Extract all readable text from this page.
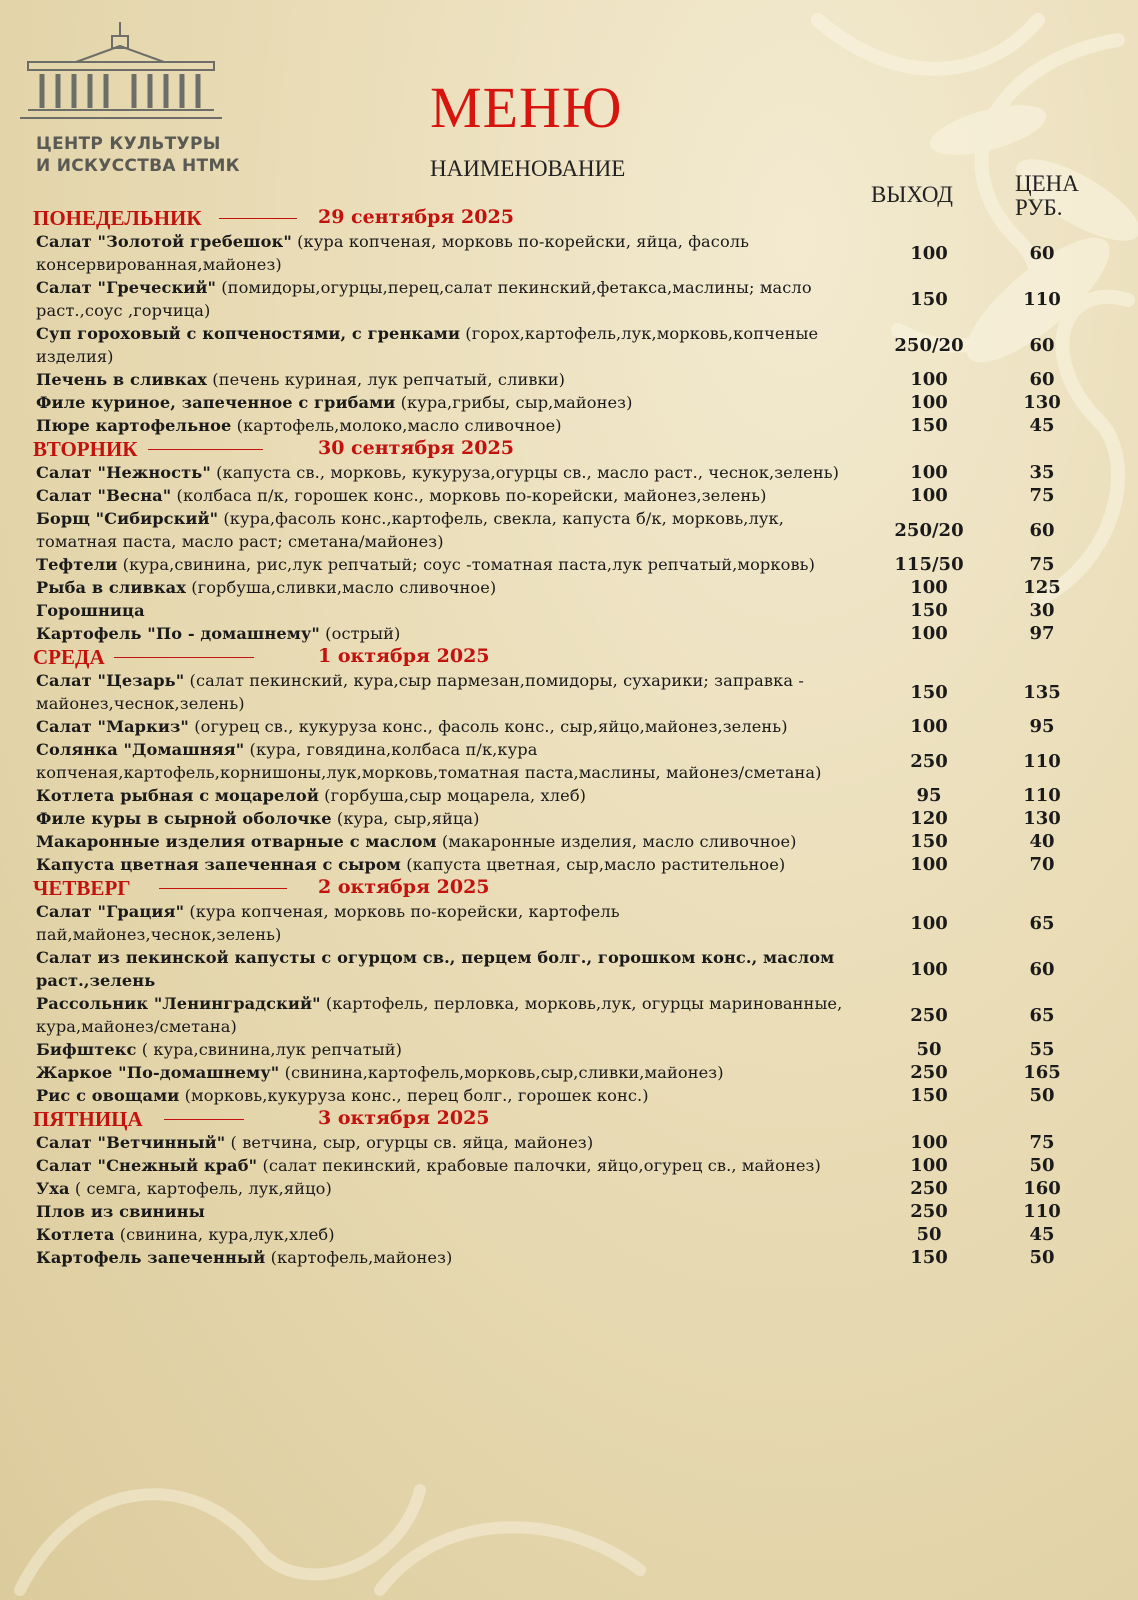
ЦЕНТР КУЛЬТУРЫ
И ИСКУССТВА НТМК
МЕНЮ
НАИМЕНОВАНИЕ
ВЫХОД	ЦЕНА
РУБ.
ПОНЕДЕЛЬНИК	29 сентября 2025
Салат "Золотой гребешок" (кура копченая, морковь по-корейски, яйца, фасоль консервированная,майонез)
100	60
Салат "Греческий" (помидоры,огурцы,перец,салат пекинский,фетакса,маслины; масло раст.,соус ,горчица)
150	110
Суп гороховый с копченостями, с гренками (горох,картофель,лук,морковь,копченые изделия)
250/20	60
Печень в сливках (печень куриная, лук репчатый, сливки)	100	60
Филе куриное, запеченное с грибами (кура,грибы, сыр,майонез)	100	130
Пюре картофельное (картофель,молоко,масло сливочное)	150	45
ВТОРНИК	30 сентября 2025
Салат "Нежность" (капуста св., морковь, кукуруза,огурцы св., масло раст., чеснок,зелень)	100	35
Салат "Весна" (колбаса п/к, горошек конс., морковь по-корейски, майонез,зелень)	100	75
Борщ "Сибирский" (кура,фасоль конс.,картофель, свекла, капуста б/к, морковь,лук, томатная паста, масло раст; сметана/майонез)
250/20	60
Тефтели (кура,свинина, рис,лук репчатый; соус -томатная паста,лук репчатый,морковь)	115/50	75
Рыба в сливках (горбуша,сливки,масло сливочное)	100	125
Горошница	150	30
Картофель "По - домашнему" (острый)	100	97
СРЕДА	1 октября 2025
Салат "Цезарь" (салат пекинский, кура,сыр пармезан,помидоры, сухарики; заправка - майонез,чеснок,зелень)
150	135
Салат "Маркиз" (огурец св., кукуруза конс., фасоль конс., сыр,яйцо,майонез,зелень)	100	95
Солянка "Домашняя" (кура, говядина,колбаса п/к,кура копченая,картофель,корнишоны,лук,морковь,томатная паста,маслины, майонез/сметана)
250	110
Котлета рыбная с моцарелой (горбуша,сыр моцарела, хлеб)	95	110
Филе куры в сырной оболочке (кура, сыр,яйца)	120	130
Макаронные изделия отварные с маслом (макаронные изделия, масло сливочное)	150	40
Капуста цветная запеченная с сыром (капуста цветная, сыр,масло растительное)	100	70
ЧЕТВЕРГ	2 октября 2025
Салат "Грация" (кура копченая, морковь по-корейски, картофель пай,майонез,чеснок,зелень)
100	65
Салат из пекинской капусты с огурцом св., перцем болг., горошком конс., маслом раст.,зелень
100	60
Рассольник "Ленинградский" (картофель, перловка, морковь,лук, огурцы маринованные, кура,майонез/сметана)
250	65
Бифштекс ( кура,свинина,лук репчатый)	50	55
Жаркое "По-домашнему" (свинина,картофель,морковь,сыр,сливки,майонез)	250	165
Рис с овощами (морковь,кукуруза конс., перец болг., горошек конс.)	150	50
ПЯТНИЦА	3 октября 2025
Салат "Ветчинный" ( ветчина, сыр, огурцы св. яйца, майонез)	100	75
Салат "Снежный краб" (салат пекинский, крабовые палочки, яйцо,огурец св., майонез)	100	50
Уха ( семга, картофель, лук,яйцо)	250	160
Плов из свинины	250	110
Котлета (свинина, кура,лук,хлеб)	50	45
Картофель запеченный (картофель,майонез)	150	50
